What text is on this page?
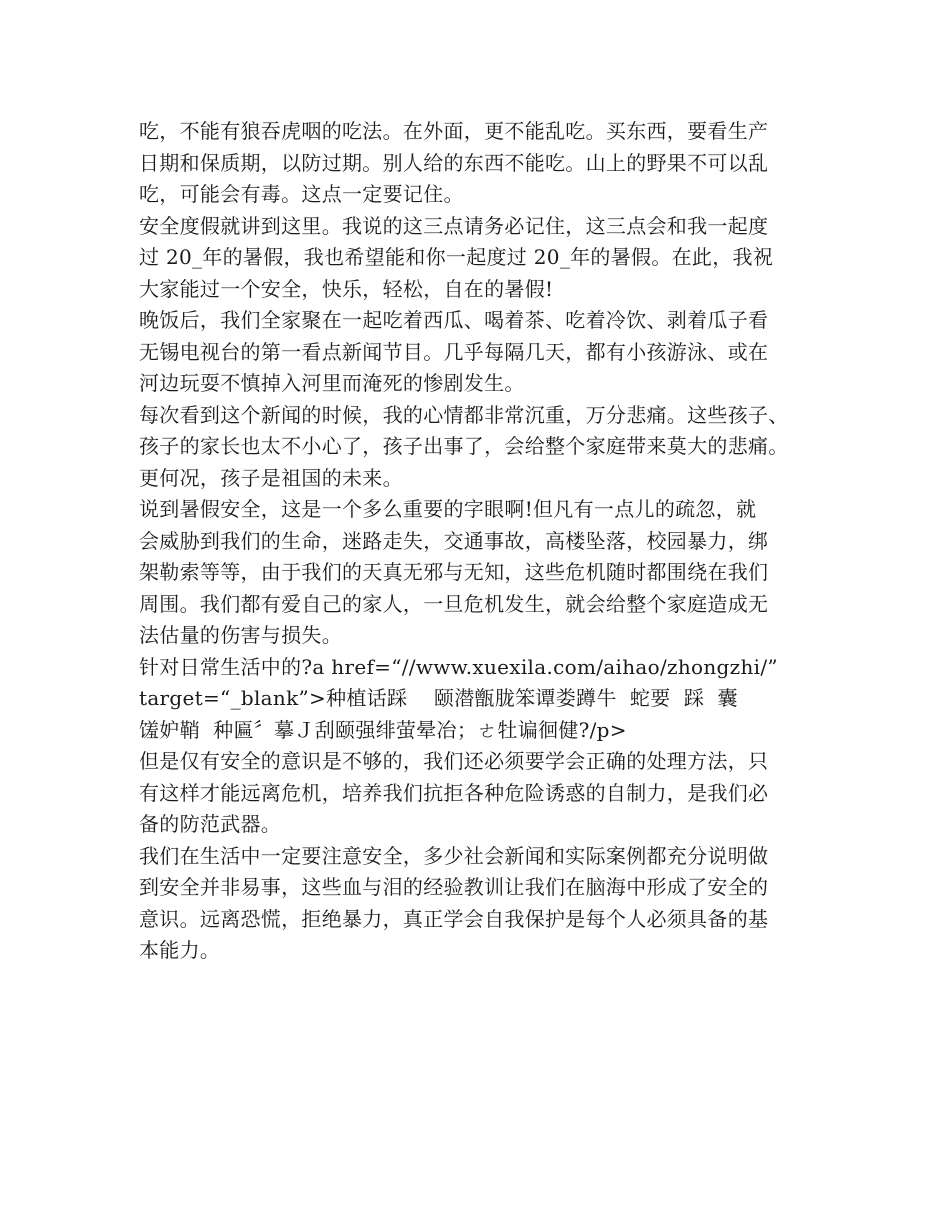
吃，不能有狼吞虎咽的吃法。在外面，更不能乱吃。买东西，要看生产
日期和保质期，以防过期。别人给的东西不能吃。山上的野果不可以乱
吃，可能会有毒。这点一定要记住。
安全度假就讲到这里。我说的这三点请务必记住，这三点会和我一起度
过 20_年的暑假，我也希望能和你一起度过 20_年的暑假。在此，我祝
大家能过一个安全，快乐，轻松，自在的暑假!
晚饭后，我们全家聚在一起吃着西瓜、喝着茶、吃着冷饮、剥着瓜子看
无锡电视台的第一看点新闻节目。几乎每隔几天，都有小孩游泳、或在
河边玩耍不慎掉入河里而淹死的惨剧发生。
每次看到这个新闻的时候，我的心情都非常沉重，万分悲痛。这些孩子、
孩子的家长也太不小心了，孩子出事了，会给整个家庭带来莫大的悲痛。
更何况，孩子是祖国的未来。
说到暑假安全，这是一个多么重要的字眼啊!但凡有一点儿的疏忽，就
会威胁到我们的生命，迷路走失，交通事故，高楼坠落，校园暴力，绑
架勒索等等，由于我们的天真无邪与无知，这些危机随时都围绕在我们
周围。我们都有爱自己的家人，一旦危机发生，就会给整个家庭造成无
法估量的伤害与损失。
针对日常生活中的?a href=“//www.xuexila.com/aihao/zhongzhi/”
target=“_blank”>种植话踩    颐潜甑胧笨谭娄蹲牛  蛇要  踩  囊
馐妒鞘  种匾〞摹Ｊ刮颐强绯萤晕冶；ㄜ牡谝徊健?/p>
但是仅有安全的意识是不够的，我们还必须要学会正确的处理方法，只
有这样才能远离危机，培养我们抗拒各种危险诱惑的自制力，是我们必
备的防范武器。
我们在生活中一定要注意安全，多少社会新闻和实际案例都充分说明做
到安全并非易事，这些血与泪的经验教训让我们在脑海中形成了安全的
意识。远离恐慌，拒绝暴力，真正学会自我保护是每个人必须具备的基
本能力。
